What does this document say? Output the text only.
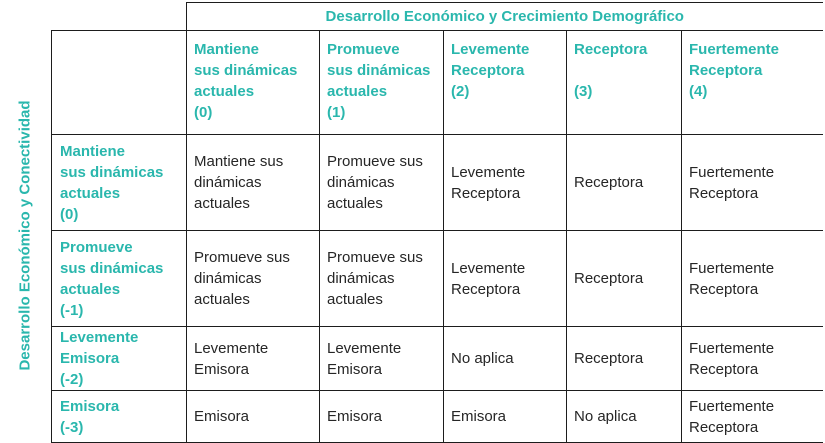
Desarrollo Económico y Conectividad
	Desarrollo Económico y Crecimiento Demográfico				

	Mantiene
sus dinámicas
actuales
(0)	Promueve
sus dinámicas
actuales
(1)	Levemente
Receptora
(2)	Receptora

(3)	Fuertemente
Receptora
(4)

Mantiene
sus dinámicas
actuales
(0)	Mantiene sus
dinámicas
actuales	Promueve sus
dinámicas
actuales	Levemente
Receptora	Receptora	Fuertemente
Receptora
Promueve
sus dinámicas
actuales
(-1)	Promueve sus
dinámicas
actuales	Promueve sus
dinámicas
actuales	Levemente
Receptora	Receptora	Fuertemente
Receptora
Levemente
Emisora
(-2)	Levemente
Emisora	Levemente
Emisora	No aplica	Receptora	Fuertemente
Receptora
Emisora
(-3)	Emisora	Emisora	Emisora	No aplica	Fuertemente
Receptora
